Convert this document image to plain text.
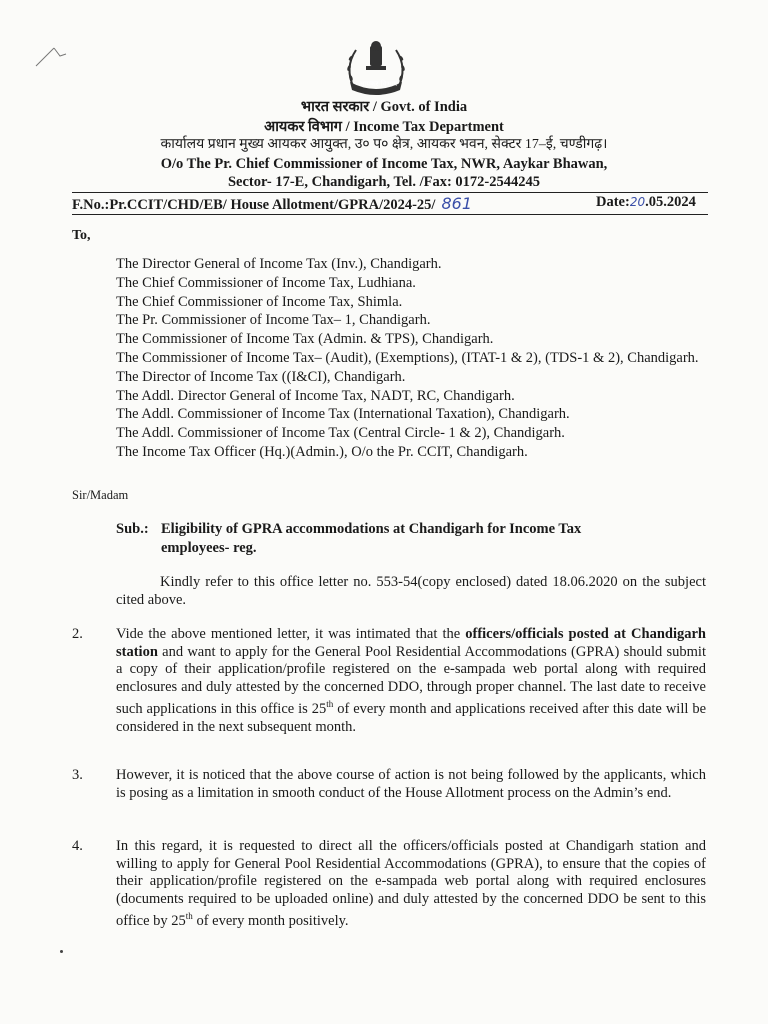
आयकर विभाग
भारत सरकार / Govt. of India
आयकर विभाग / Income Tax Department
कार्यालय प्रधान मुख्य आयकर आयुक्त, उ० प० क्षेत्र, आयकर भवन, सेक्टर 17–ई, चण्डीगढ़।
O/o The Pr. Chief Commissioner of Income Tax, NWR, Aaykar Bhawan,
Sector- 17-E, Chandigarh, Tel. /Fax: 0172-2544245
F.No.:Pr.CCIT/CHD/EB/ House Allotment/GPRA/2024-25/ 861	Date:20.05.2024
To,
The Director General of Income Tax (Inv.), Chandigarh.
The Chief Commissioner of Income Tax, Ludhiana.
The Chief Commissioner of Income Tax, Shimla.
The Pr. Commissioner of Income Tax– 1, Chandigarh.
The Commissioner of Income Tax (Admin. & TPS), Chandigarh.
The Commissioner of Income Tax– (Audit), (Exemptions), (ITAT-1 & 2), (TDS-1 & 2), Chandigarh.
The Director of Income Tax ((I&CI), Chandigarh.
The Addl. Director General of Income Tax, NADT, RC, Chandigarh.
The Addl. Commissioner of Income Tax (International Taxation), Chandigarh.
The Addl. Commissioner of Income Tax (Central Circle- 1 & 2), Chandigarh.
The Income Tax Officer (Hq.)(Admin.), O/o the Pr. CCIT, Chandigarh.
Sir/Madam
Sub.: Eligibility of GPRA accommodations at Chandigarh for Income Tax
employees- reg.
Kindly refer to this office letter no. 553-54(copy enclosed) dated 18.06.2020 on the subject cited above.
2. Vide the above mentioned letter, it was intimated that the officers/officials posted at Chandigarh station and want to apply for the General Pool Residential Accommodations (GPRA) should submit a copy of their application/profile registered on the e-sampada web portal along with required enclosures and duly attested by the concerned DDO, through proper channel. The last date to receive such applications in this office is 25th of every month and applications received after this date will be considered in the next subsequent month.
3. However, it is noticed that the above course of action is not being followed by the applicants, which is posing as a limitation in smooth conduct of the House Allotment process on the Admin’s end.
4. In this regard, it is requested to direct all the officers/officials posted at Chandigarh station and willing to apply for General Pool Residential Accommodations (GPRA), to ensure that the copies of their application/profile registered on the e-sampada web portal along with required enclosures (documents required to be uploaded online) and duly attested by the concerned DDO be sent to this office by 25th of every month positively.
